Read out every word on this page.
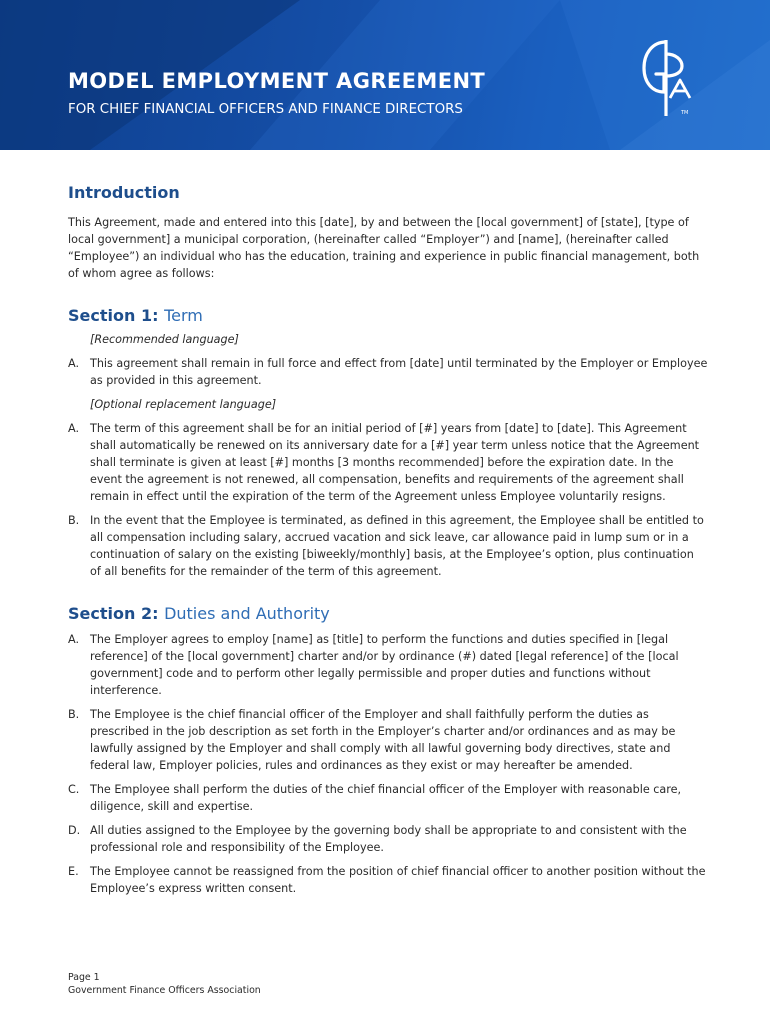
MODEL EMPLOYMENT AGREEMENT
FOR CHIEF FINANCIAL OFFICERS AND FINANCE DIRECTORS	TM
Introduction

This Agreement, made and entered into this [date], by and between the [local government] of [state], [type of local government] a municipal corporation, (hereinafter called “Employer”) and [name], (hereinafter called “Employee”) an individual who has the education, training and experience in public financial management, both of whom agree as follows:

Section 1: Term

[Recommended language]

A. This agreement shall remain in full force and effect from [date] until terminated by the Employer or Employee as provided in this agreement.

[Optional replacement language]

A. The term of this agreement shall be for an initial period of [#] years from [date] to [date]. This Agreement shall automatically be renewed on its anniversary date for a [#] year term unless notice that the Agreement shall terminate is given at least [#] months [3 months recommended] before the expiration date. In the event the agreement is not renewed, all compensation, benefits and requirements of the agreement shall remain in effect until the expiration of the term of the Agreement unless Employee voluntarily resigns.
B. In the event that the Employee is terminated, as defined in this agreement, the Employee shall be entitled to all compensation including salary, accrued vacation and sick leave, car allowance paid in lump sum or in a continuation of salary on the existing [biweekly/monthly] basis, at the Employee’s option, plus continuation of all benefits for the remainder of the term of this agreement.
Section 2: Duties and Authority
A. The Employer agrees to employ [name] as [title] to perform the functions and duties specified in [legal reference] of the [local government] charter and/or by ordinance (#) dated [legal reference] of the [local government] code and to perform other legally permissible and proper duties and functions without interference.
B. The Employee is the chief financial officer of the Employer and shall faithfully perform the duties as prescribed in the job description as set forth in the Employer’s charter and/or ordinances and as may be lawfully assigned by the Employer and shall comply with all lawful governing body directives, state and federal law, Employer policies, rules and ordinances as they exist or may hereafter be amended.
C. The Employee shall perform the duties of the chief financial officer of the Employer with reasonable care, diligence, skill and expertise.
D. All duties assigned to the Employee by the governing body shall be appropriate to and consistent with the professional role and responsibility of the Employee.
E.	The Employee cannot be reassigned from the position of chief financial officer to another position without the Employee’s express written consent.
Page 1
Government Finance Officers Association
